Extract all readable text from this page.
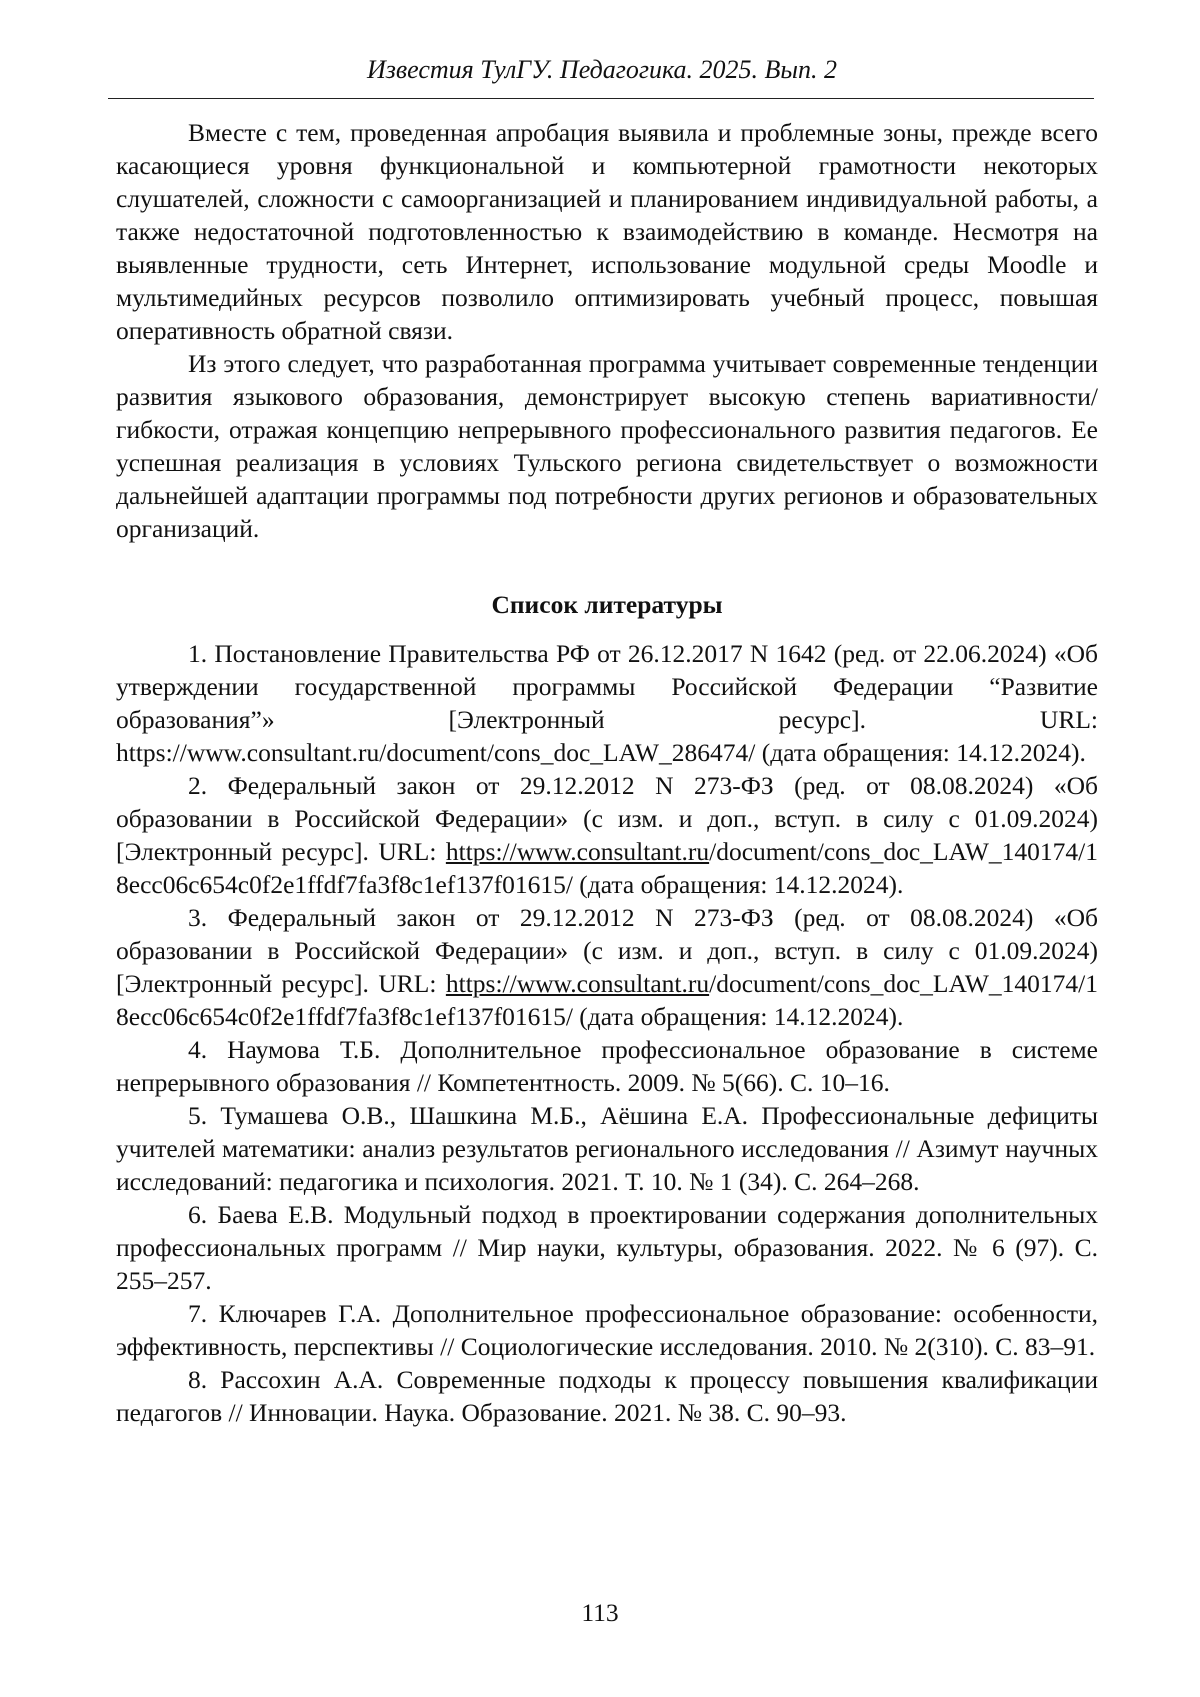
Известия ТулГУ. Педагогика. 2025. Вып. 2

Вместе с тем, проведенная апробация выявила и проблемные зоны, прежде всего касающиеся уровня функциональной и компьютерной грамотности некоторых слушателей, сложности с самоорганизацией и планированием индивидуальной работы, а также недостаточной подготовленностью к взаимодействию в команде. Несмотря на выявленные трудности, сеть Интернет, использование модульной среды Moodle и мультимедийных ресурсов позволило оптимизировать учебный процесс, повышая оперативность обратной связи.

Из этого следует, что разработанная программа учитывает современные тенденции развития языкового образования, демонстрирует высокую степень вариативности/гибкости, отражая концепцию непрерывного профессионального развития педагогов. Ее успешная реализация в условиях Тульского региона свидетельствует о возможности дальнейшей адаптации программы под потребности других регионов и образовательных организаций.

Список литературы

1. Постановление Правительства РФ от 26.12.2017 N 1642 (ред. от 22.06.2024) «Об утверждении государственной программы Российской Федерации “Развитие образования”» [Электронный ресурс]. URL: https://www.consultant.ru/document/cons_doc_LAW_286474/ (дата обращения: 14.12.2024).

2. Федеральный закон от 29.12.2012 N 273-ФЗ (ред. от 08.08.2024) «Об образовании в Российской Федерации» (с изм. и доп., вступ. в силу с 01.09.2024) [Электронный ресурс]. URL: https://www.consultant.ru/document/cons_doc_LAW_140174/18ecc06c654c0f2e1ffdf7fa3f8c1ef137f01615/ (дата обращения: 14.12.2024).

3. Федеральный закон от 29.12.2012 N 273-ФЗ (ред. от 08.08.2024) «Об образовании в Российской Федерации» (с изм. и доп., вступ. в силу с 01.09.2024) [Электронный ресурс]. URL: https://www.consultant.ru/document/cons_doc_LAW_140174/18ecc06c654c0f2e1ffdf7fa3f8c1ef137f01615/ (дата обращения: 14.12.2024).

4. Наумова Т.Б. Дополнительное профессиональное образование в системе непрерывного образования // Компетентность. 2009. № 5(66). С. 10–16.

5. Тумашева О.В., Шашкина М.Б., Аёшина Е.А. Профессиональные дефициты учителей математики: анализ результатов регионального исследования // Азимут научных исследований: педагогика и психология. 2021. Т. 10. № 1 (34). С. 264–268.

6. Баева Е.В. Модульный подход в проектировании содержания дополнительных профессиональных программ // Мир науки, культуры, образования. 2022. № 6 (97). С. 255–257.

7. Ключарев Г.А. Дополнительное профессиональное образование: особенности, эффективность, перспективы // Социологические исследования. 2010. № 2(310). С. 83–91.

8. Рассохин А.А. Современные подходы к процессу повышения квалификации педагогов // Инновации. Наука. Образование. 2021. № 38. С. 90–93.

113
